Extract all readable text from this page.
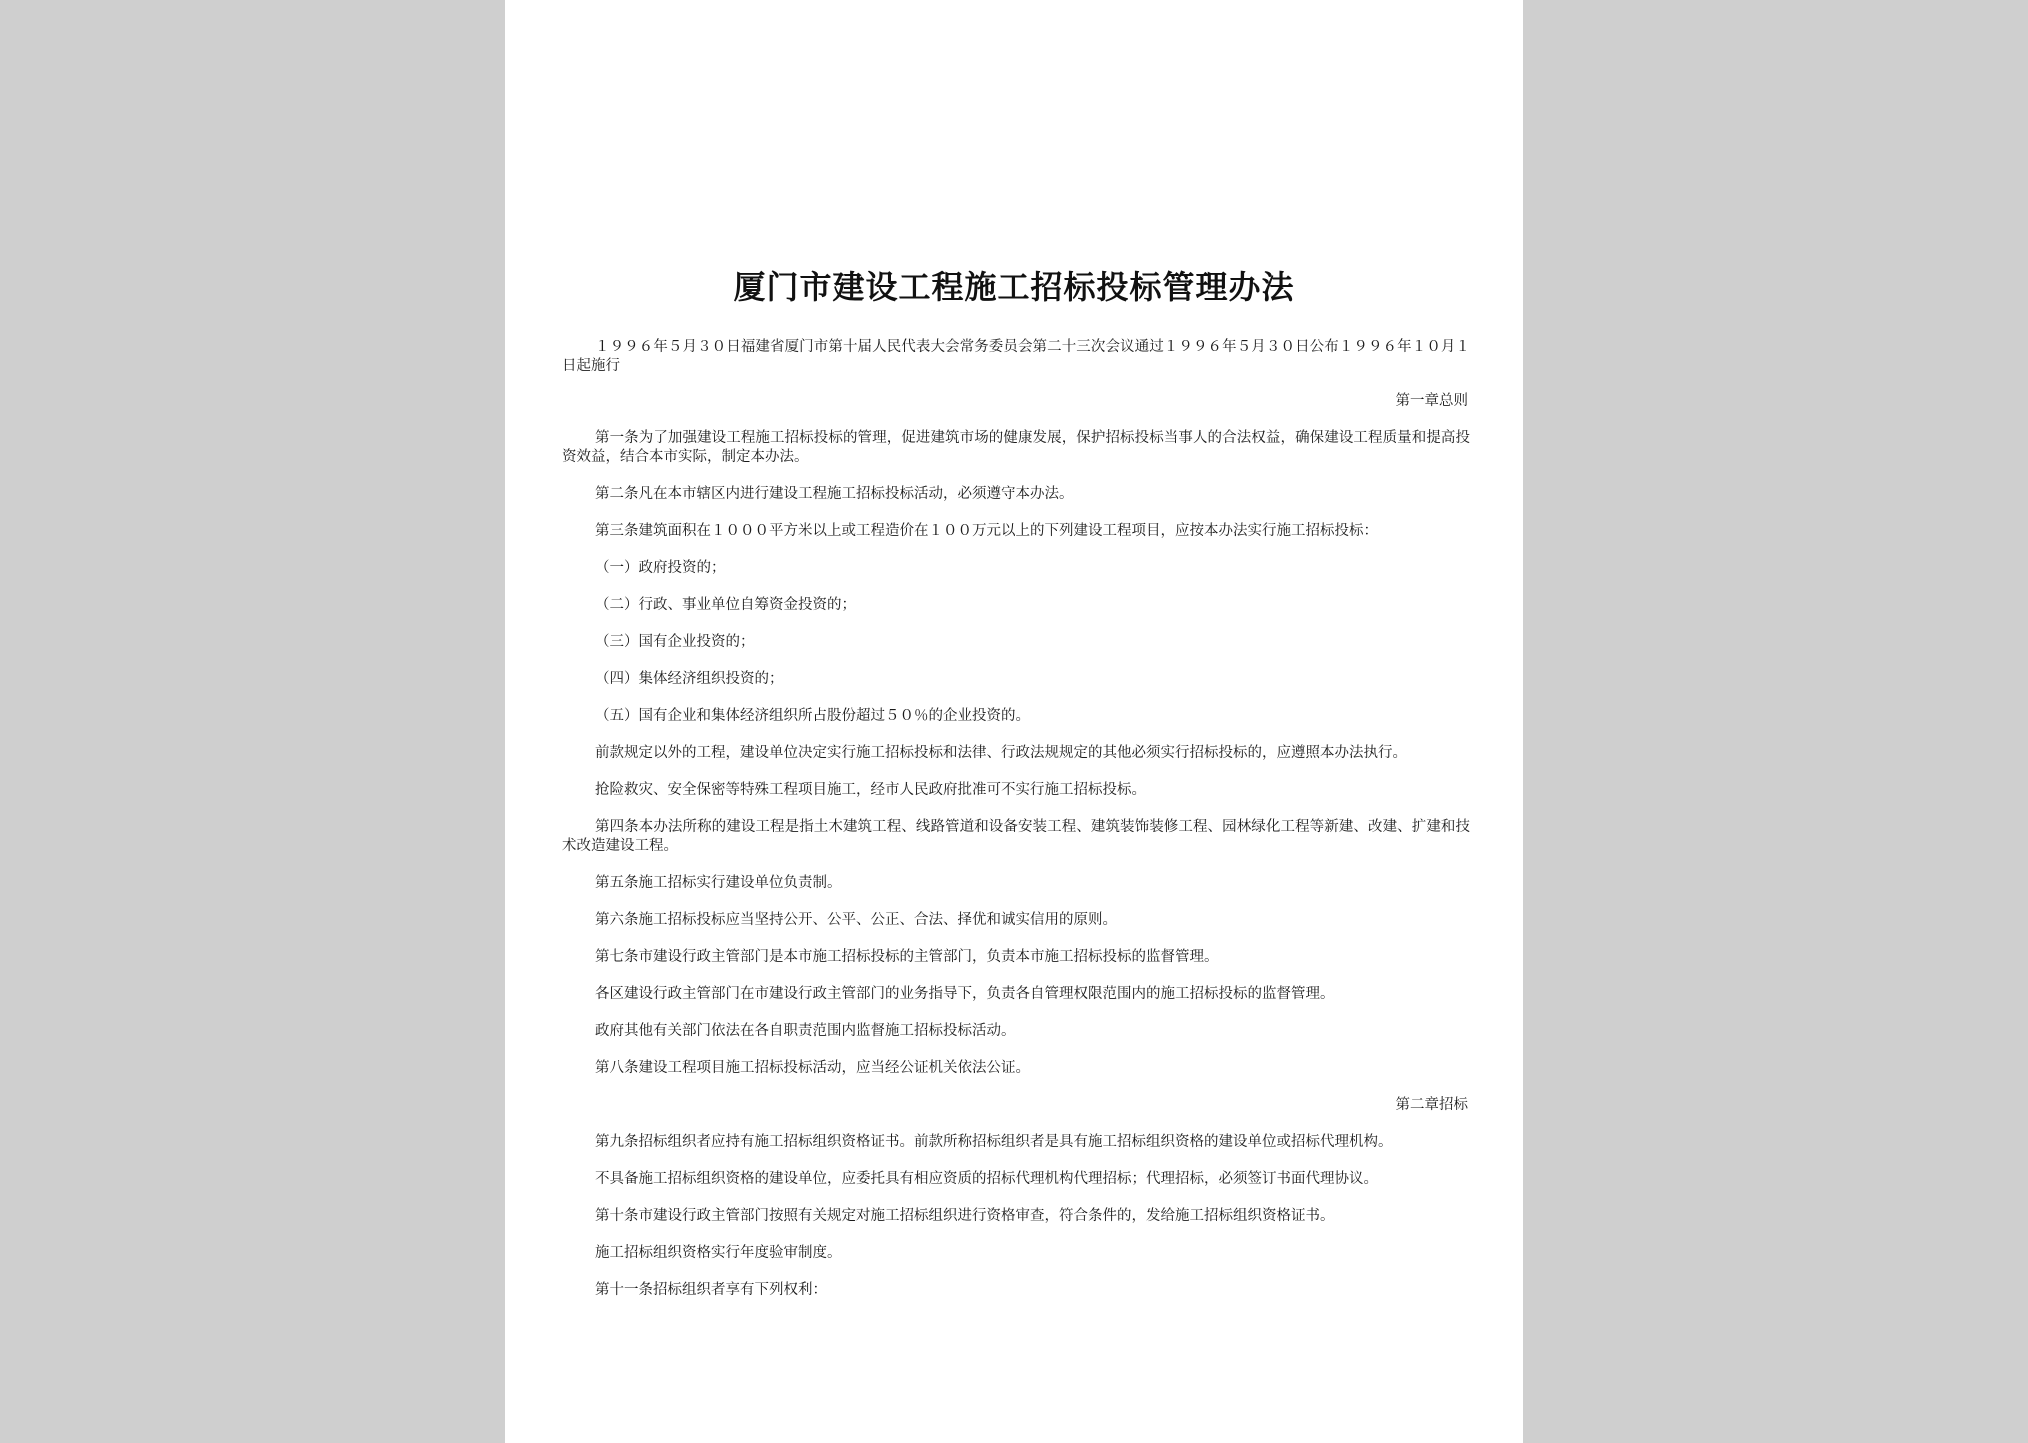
厦门市建设工程施工招标投标管理办法

１９９６年５月３０日福建省厦门市第十届人民代表大会常务委员会第二十三次会议通过１９９６年５月３０日公布１９９６年１０月１日起施行

第一章总则

第一条为了加强建设工程施工招标投标的管理，促进建筑市场的健康发展，保护招标投标当事人的合法权益，确保建设工程质量和提高投资效益，结合本市实际，制定本办法。

第二条凡在本市辖区内进行建设工程施工招标投标活动，必须遵守本办法。

第三条建筑面积在１０００平方米以上或工程造价在１００万元以上的下列建设工程项目，应按本办法实行施工招标投标：

（一）政府投资的；

（二）行政、事业单位自筹资金投资的；

（三）国有企业投资的；

（四）集体经济组织投资的；

（五）国有企业和集体经济组织所占股份超过５０％的企业投资的。

前款规定以外的工程，建设单位决定实行施工招标投标和法律、行政法规规定的其他必须实行招标投标的，应遵照本办法执行。

抢险救灾、安全保密等特殊工程项目施工，经市人民政府批准可不实行施工招标投标。

第四条本办法所称的建设工程是指土木建筑工程、线路管道和设备安装工程、建筑装饰装修工程、园林绿化工程等新建、改建、扩建和技术改造建设工程。

第五条施工招标实行建设单位负责制。

第六条施工招标投标应当坚持公开、公平、公正、合法、择优和诚实信用的原则。

第七条市建设行政主管部门是本市施工招标投标的主管部门，负责本市施工招标投标的监督管理。

各区建设行政主管部门在市建设行政主管部门的业务指导下，负责各自管理权限范围内的施工招标投标的监督管理。

政府其他有关部门依法在各自职责范围内监督施工招标投标活动。

第八条建设工程项目施工招标投标活动，应当经公证机关依法公证。

第二章招标

第九条招标组织者应持有施工招标组织资格证书。前款所称招标组织者是具有施工招标组织资格的建设单位或招标代理机构。

不具备施工招标组织资格的建设单位，应委托具有相应资质的招标代理机构代理招标；代理招标，必须签订书面代理协议。

第十条市建设行政主管部门按照有关规定对施工招标组织进行资格审查，符合条件的，发给施工招标组织资格证书。

施工招标组织资格实行年度验审制度。

第十一条招标组织者享有下列权利：
